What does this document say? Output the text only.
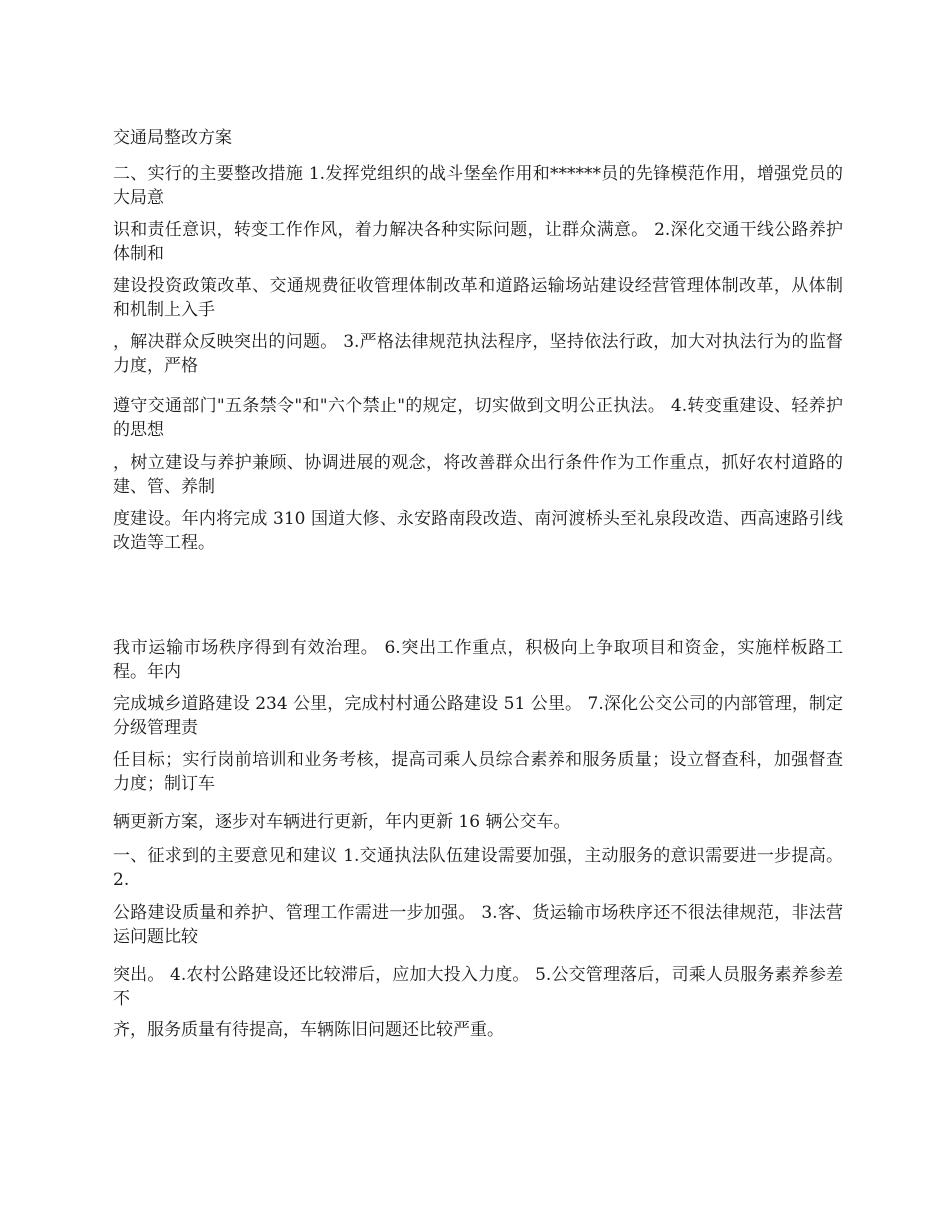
交通局整改方案

二、实行的主要整改措施 1.发挥党组织的战斗堡垒作用和******员的先锋模范作用，增强党员的大局意

识和责任意识，转变工作作风，着力解决各种实际问题，让群众满意。 2.深化交通干线公路养护体制和

建设投资政策改革、交通规费征收管理体制改革和道路运输场站建设经营管理体制改革，从体制和机制上入手

，解决群众反映突出的问题。 3.严格法律规范执法程序，坚持依法行政，加大对执法行为的监督力度，严格

遵守交通部门"五条禁令"和"六个禁止"的规定，切实做到文明公正执法。 4.转变重建设、轻养护的思想

，树立建设与养护兼顾、协调进展的观念，将改善群众出行条件作为工作重点，抓好农村道路的建、管、养制

度建设。年内将完成 310 国道大修、永安路南段改造、南河渡桥头至礼泉段改造、西高速路引线改造等工程。

我市运输市场秩序得到有效治理。 6.突出工作重点，积极向上争取项目和资金，实施样板路工程。年内

完成城乡道路建设 234 公里，完成村村通公路建设 51 公里。 7.深化公交公司的内部管理，制定分级管理责

任目标；实行岗前培训和业务考核，提高司乘人员综合素养和服务质量；设立督查科，加强督查力度；制订车

辆更新方案，逐步对车辆进行更新，年内更新 16 辆公交车。

一、征求到的主要意见和建议 1.交通执法队伍建设需要加强，主动服务的意识需要进一步提高。 2.

公路建设质量和养护、管理工作需进一步加强。 3.客、货运输市场秩序还不很法律规范，非法营运问题比较

突出。 4.农村公路建设还比较滞后，应加大投入力度。 5.公交管理落后，司乘人员服务素养参差不

齐，服务质量有待提高，车辆陈旧问题还比较严重。
